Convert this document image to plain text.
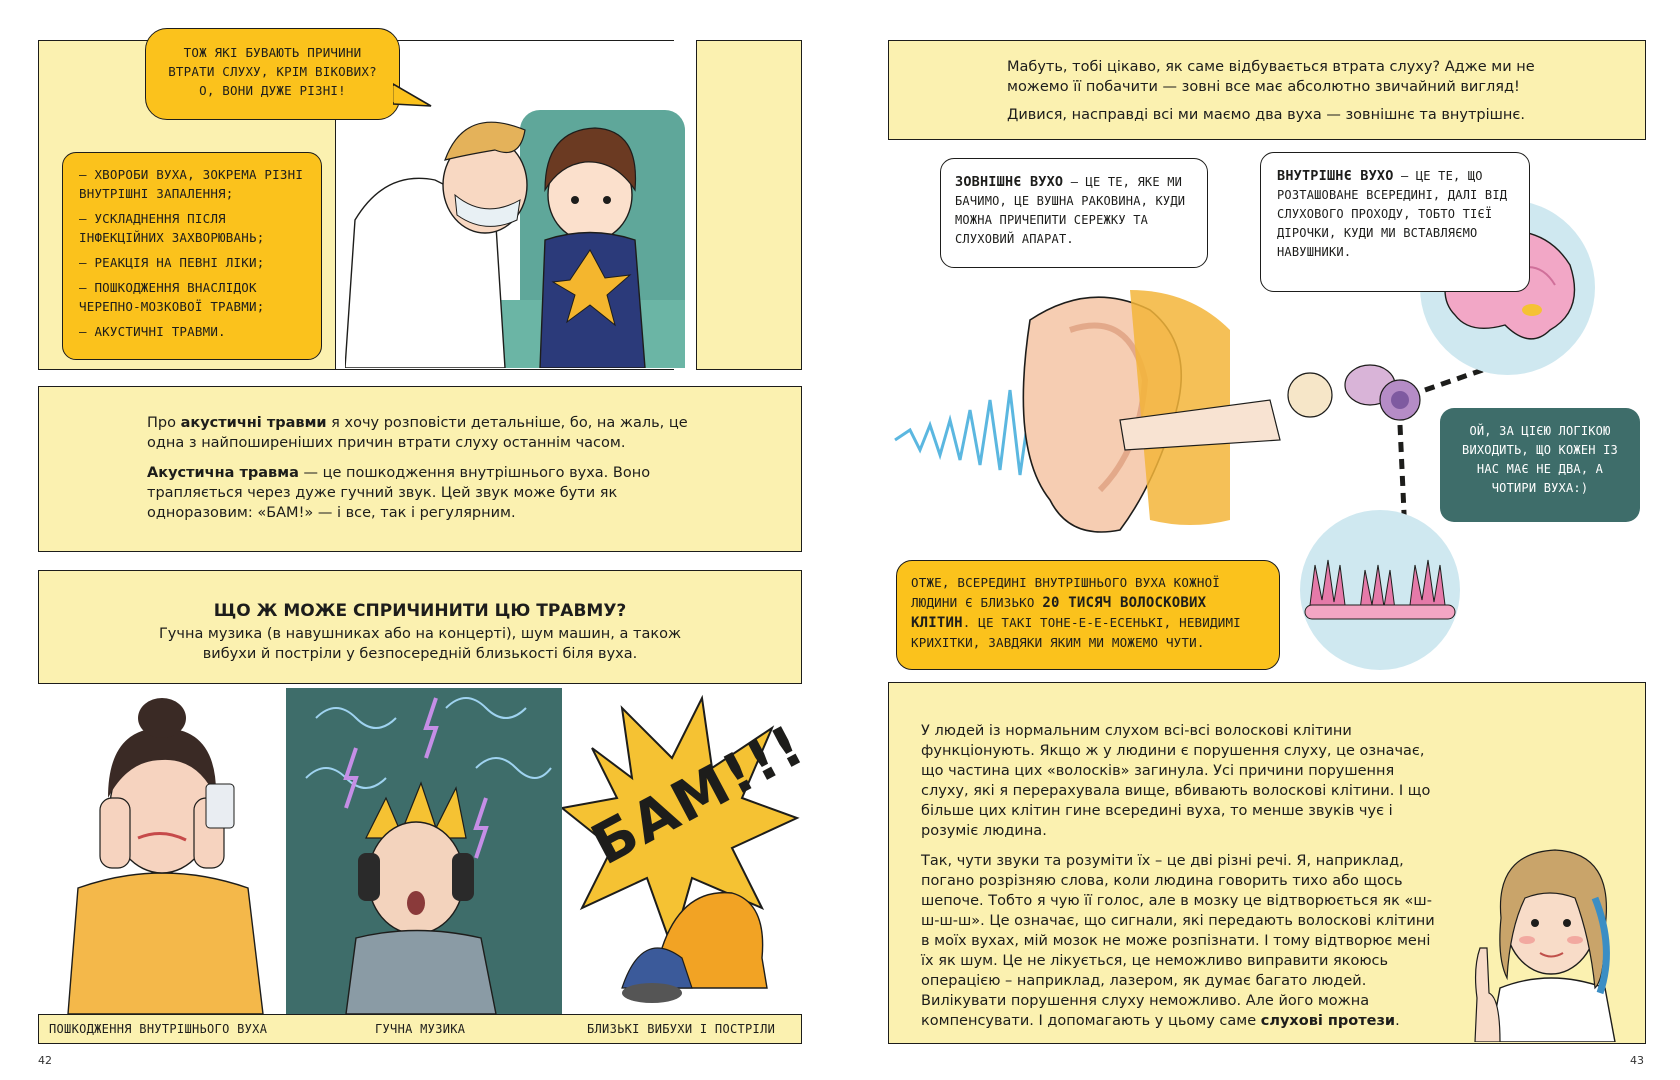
ТОЖ ЯКІ БУВАЮТЬ ПРИЧИНИ ВТРАТИ СЛУХУ, КРІМ ВІКОВИХ? О, ВОНИ ДУЖЕ РІЗНІ!
– ХВОРОБИ ВУХА, ЗОКРЕМА РІЗНІ ВНУТРІШНІ ЗАПАЛЕННЯ;
– УСКЛАДНЕННЯ ПІСЛЯ ІНФЕКЦІЙНИХ ЗАХВОРЮВАНЬ;
– РЕАКЦІЯ НА ПЕВНІ ЛІКИ;
– ПОШКОДЖЕННЯ ВНАСЛІДОК ЧЕРЕПНО-МОЗКОВОЇ ТРАВМИ;
– АКУСТИЧНІ ТРАВМИ.

Про акустичні травми я хочу розповісти детальніше, бо, на жаль, це одна з найпоширеніших причин втрати слуху останнім часом.

Акустична травма — це пошкодження внутрішнього вуха. Воно трапляється через дуже гучний звук. Цей звук може бути як одноразовим: «БАМ!» — і все, так і регулярним.

ЩО Ж МОЖЕ СПРИЧИНИТИ ЦЮ ТРАВМУ?
Гучна музика (в навушниках або на концерті), шум машин, а також вибухи й постріли у безпосередній близькості біля вуха.
БАМ!!!
ПОШКОДЖЕННЯ ВНУТРІШНЬОГО ВУХА	ГУЧНА МУЗИКА	БЛИЗЬКІ ВИБУХИ І ПОСТРІЛИ
42

Мабуть, тобі цікаво, як саме відбувається втрата слуху? Адже ми не можемо її побачити — зовні все має абсолютно звичайний вигляд!

Дивися, насправді всі ми маємо два вуха — зовнішнє та внутрішнє.

ЗОВНІШНЄ ВУХО – ЦЕ ТЕ, ЯКЕ МИ БАЧИМО, ЦЕ ВУШНА РАКОВИНА, КУДИ МОЖНА ПРИЧЕПИТИ СЕРЕЖКУ ТА СЛУХОВИЙ АПАРАТ.
ВНУТРІШНЄ ВУХО – ЦЕ ТЕ, ЩО РОЗТАШОВАНЕ ВСЕРЕДИНІ, ДАЛІ ВІД СЛУХОВОГО ПРОХОДУ, ТОБТО ТІЄЇ ДІРОЧКИ, КУДИ МИ ВСТАВЛЯЄМО НАВУШНИКИ.
ОЙ, ЗА ЦІЄЮ ЛОГІКОЮ ВИХОДИТЬ, ЩО КОЖЕН ІЗ НАС МАЄ НЕ ДВА, А ЧОТИРИ ВУХА:)
ОТЖЕ, ВСЕРЕДИНІ ВНУТРІШНЬОГО ВУХА КОЖНОЇ ЛЮДИНИ Є БЛИЗЬКО 20 ТИСЯЧ ВОЛОСКОВИХ КЛІТИН. ЦЕ ТАКІ ТОНЕ-Е-Е-ЕСЕНЬКІ, НЕВИДИМІ КРИХІТКИ, ЗАВДЯКИ ЯКИМ МИ МОЖЕМО ЧУТИ.

У людей із нормальним слухом всі-всі волоскові клітини функціонують. Якщо ж у людини є порушення слуху, це означає, що частина цих «волосків» загинула. Усі причини порушення слуху, які я перерахувала вище, вбивають волоскові клітини. І що більше цих клітин гине всередині вуха, то менше звуків чує і розуміє людина.

Так, чути звуки та розуміти їх – це дві різні речі. Я, наприклад, погано розрізняю слова, коли людина говорить тихо або щось шепоче. Тобто я чую її голос, але в мозку це відтворюється як «ш-ш-ш-ш». Це означає, що сигнали, які передають волоскові клітини в моїх вухах, мій мозок не може розпізнати. І тому відтворює мені їх як шум. Це не лікується, це неможливо виправити якоюсь операцією – наприклад, лазером, як думає багато людей. Вилікувати порушення слуху неможливо. Але його можна компенсувати. І допомагають у цьому саме слухові протези.

43
